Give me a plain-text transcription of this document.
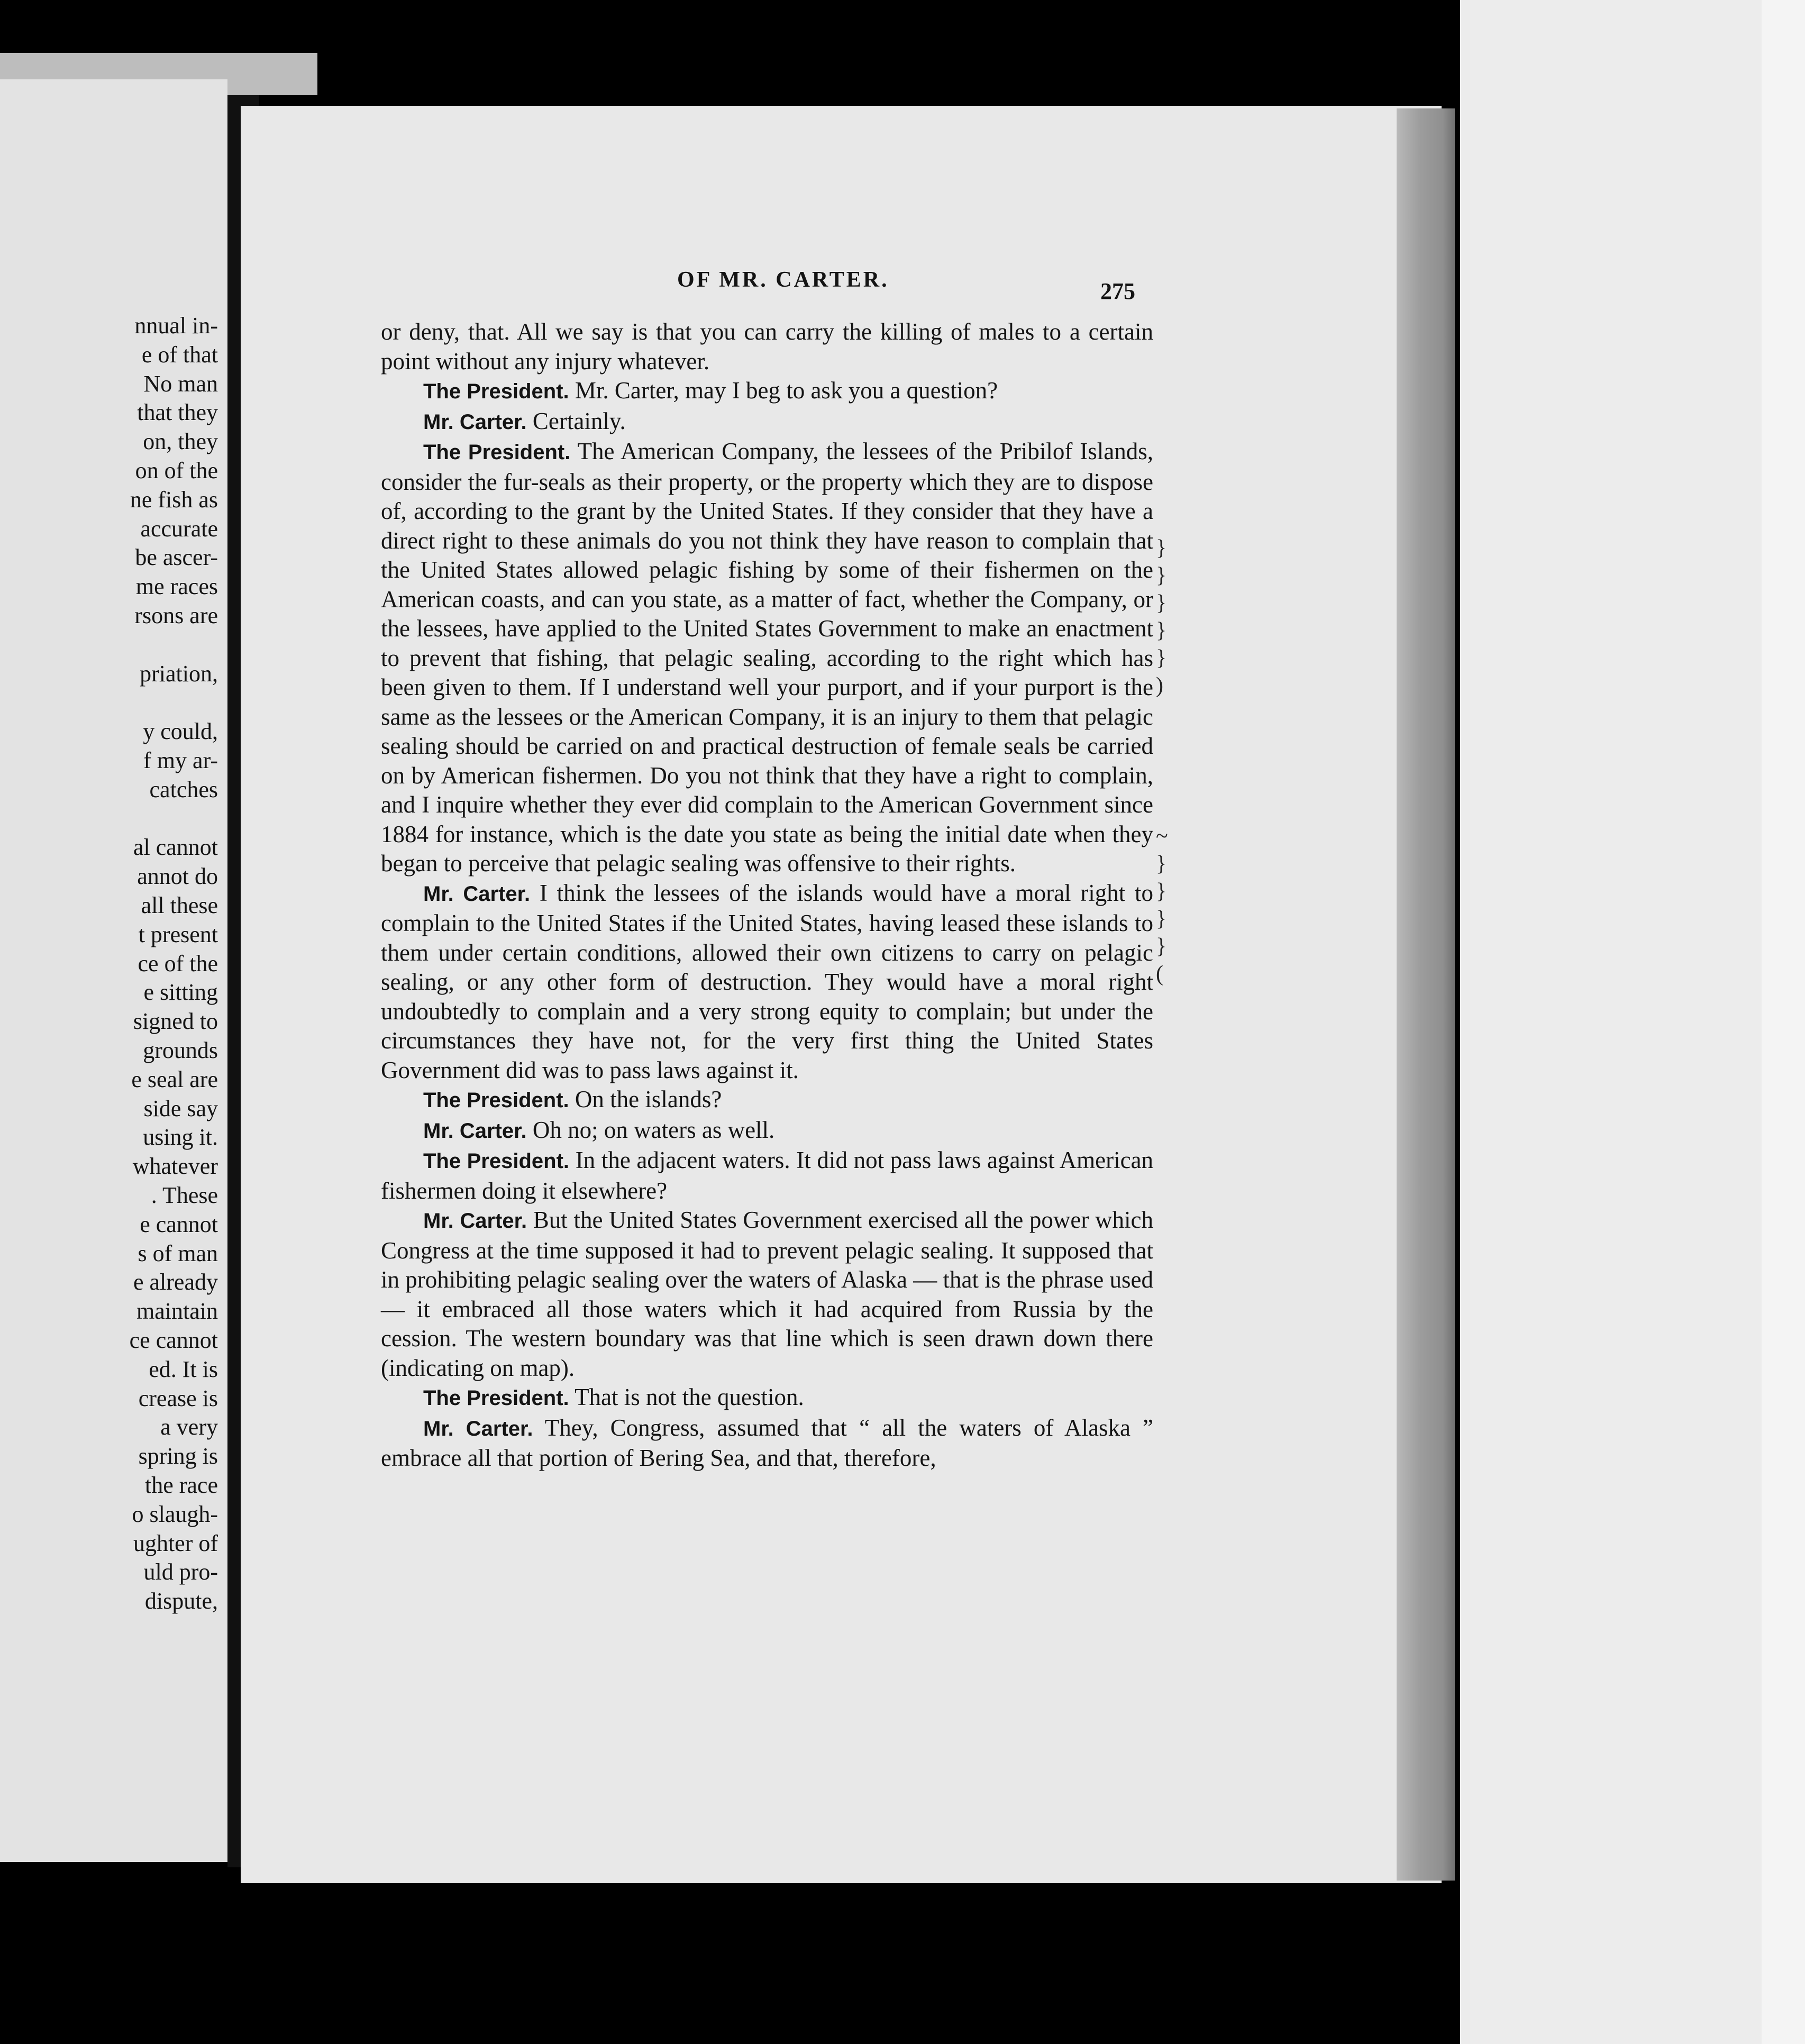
nnual in-
e of that
No man
that they
on, they
on of the
ne fish as
accurate
be ascer-
me races
rsons are
priation,
y could,
f my ar-
catches
al cannot
annot do
all these
t present
ce of the
e sitting
signed to
grounds
e seal are
side say
using it.
whatever
. These
e cannot
s of man
e already
maintain
ce cannot
ed. It is
crease is
a very
spring is
the race
o slaugh-
ughter of
uld pro-
dispute,
OF MR. CARTER.	275

or deny, that. All we say is that you can carry the killing of males to a certain point without any injury whatever.

The President. Mr. Carter, may I beg to ask you a question?

Mr. Carter. Certainly.

The President. The American Company, the lessees of the Pribilof Islands, consider the fur-seals as their property, or the property which they are to dispose of, according to the grant by the United States. If they consider that they have a direct right to these animals do you not think they have reason to complain that the United States allowed pelagic fishing by some of their fishermen on the American coasts, and can you state, as a matter of fact, whether the Company, or the lessees, have applied to the United States Government to make an enactment to prevent that fishing, that pelagic sealing, according to the right which has been given to them. If I understand well your purport, and if your purport is the same as the lessees or the American Company, it is an injury to them that pelagic sealing should be carried on and practical destruction of female seals be carried on by American fishermen. Do you not think that they have a right to complain, and I inquire whether they ever did complain to the American Government since 1884 for instance, which is the date you state as being the initial date when they began to perceive that pelagic sealing was offensive to their rights.

Mr. Carter. I think the lessees of the islands would have a moral right to complain to the United States if the United States, having leased these islands to them under certain conditions, allowed their own citizens to carry on pelagic sealing, or any other form of destruction. They would have a moral right undoubtedly to complain and a very strong equity to complain; but under the circumstances they have not, for the very first thing the United States Government did was to pass laws against it.

The President. On the islands?

Mr. Carter. Oh no; on waters as well.

The President. In the adjacent waters. It did not pass laws against American fishermen doing it elsewhere?

Mr. Carter. But the United States Government exercised all the power which Congress at the time supposed it had to prevent pelagic sealing. It supposed that in prohibiting pelagic sealing over the waters of Alaska — that is the phrase used — it embraced all those waters which it had acquired from Russia by the cession. The western boundary was that line which is seen drawn down there (indicating on map).

The President. That is not the question.

Mr. Carter. They, Congress, assumed that “ all the waters of Alaska ” embrace all that portion of Bering Sea, and that, therefore,

}
}
}
}
}
)
~
}
}
}
}
(
